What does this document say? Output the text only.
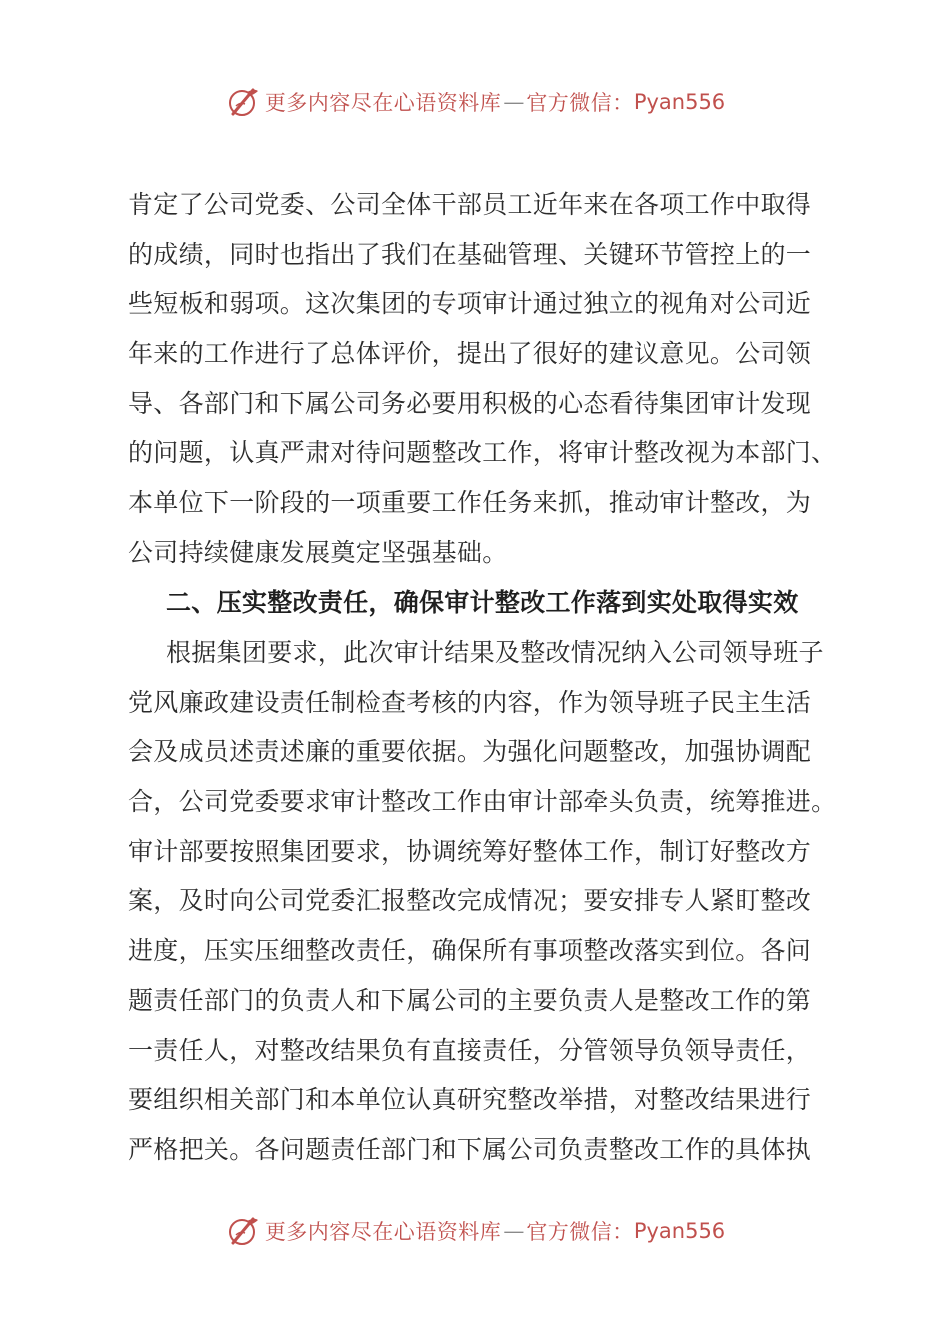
更多内容尽在心语资料库 — 官方微信： Pyan556
肯定了公司党委、公司全体干部员工近年来在各项工作中取得
的成绩，同时也指出了我们在基础管理、关键环节管控上的一
些短板和弱项。这次集团的专项审计通过独立的视角对公司近
年来的工作进行了总体评价，提出了很好的建议意见。公司领
导、各部门和下属公司务必要用积极的心态看待集团审计发现
的问题，认真严肃对待问题整改工作，将审计整改视为本部门、
本单位下一阶段的一项重要工作任务来抓，推动审计整改，为
公司持续健康发展奠定坚强基础。
二、压实整改责任，确保审计整改工作落到实处取得实效
根据集团要求，此次审计结果及整改情况纳入公司领导班子
党风廉政建设责任制检查考核的内容，作为领导班子民主生活
会及成员述责述廉的重要依据。为强化问题整改，加强协调配
合，公司党委要求审计整改工作由审计部牵头负责，统筹推进。
审计部要按照集团要求，协调统筹好整体工作，制订好整改方
案，及时向公司党委汇报整改完成情况；要安排专人紧盯整改
进度，压实压细整改责任，确保所有事项整改落实到位。各问
题责任部门的负责人和下属公司的主要负责人是整改工作的第
一责任人，对整改结果负有直接责任，分管领导负领导责任，
要组织相关部门和本单位认真研究整改举措，对整改结果进行
严格把关。各问题责任部门和下属公司负责整改工作的具体执
更多内容尽在心语资料库 — 官方微信： Pyan556
